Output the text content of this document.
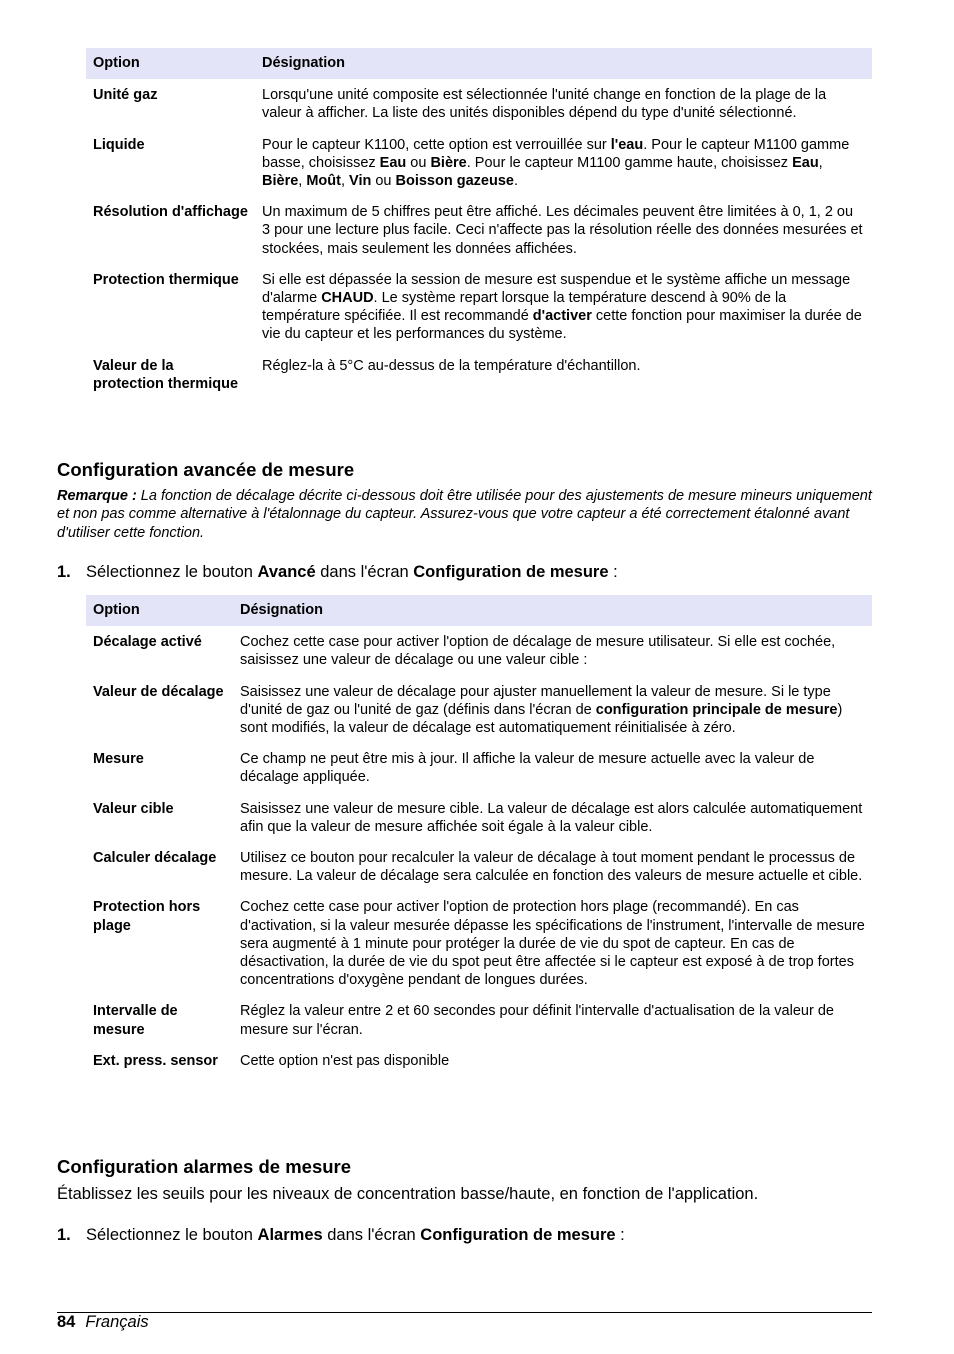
Option	Désignation
Unité gaz	Lorsqu'une unité composite est sélectionnée l'unité change en fonction de la plage de la valeur à afficher. La liste des unités disponibles dépend du type d'unité sélectionné.
Liquide	Pour le capteur K1100, cette option est verrouillée sur l'eau. Pour le capteur M1100 gamme basse, choisissez Eau ou Bière. Pour le capteur M1100 gamme haute, choisissez Eau, Bière, Moût, Vin ou Boisson gazeuse.
Résolution d'affichage	Un maximum de 5 chiffres peut être affiché. Les décimales peuvent être limitées à 0, 1, 2 ou 3 pour une lecture plus facile. Ceci n'affecte pas la résolution réelle des données mesurées et stockées, mais seulement les données affichées.
Protection thermique	Si elle est dépassée la session de mesure est suspendue et le système affiche un message d'alarme CHAUD. Le système repart lorsque la température descend à 90% de la température spécifiée. Il est recommandé d'activer cette fonction pour maximiser la durée de vie du capteur et les performances du système.
Valeur de la protection thermique	Réglez-la à 5°C au-dessus de la température d'échantillon.
Configuration avancée de mesure
Remarque : La fonction de décalage décrite ci-dessous doit être utilisée pour des ajustements de mesure mineurs uniquement et non pas comme alternative à l'étalonnage du capteur. Assurez-vous que votre capteur a été correctement étalonné avant d'utiliser cette fonction.
1. Sélectionnez le bouton Avancé dans l'écran Configuration de mesure :
Option	Désignation
Décalage activé	Cochez cette case pour activer l'option de décalage de mesure utilisateur. Si elle est cochée, saisissez une valeur de décalage ou une valeur cible :
Valeur de décalage	Saisissez une valeur de décalage pour ajuster manuellement la valeur de mesure. Si le type d'unité de gaz ou l'unité de gaz (définis dans l'écran de configuration principale de mesure) sont modifiés, la valeur de décalage est automatiquement réinitialisée à zéro.
Mesure	Ce champ ne peut être mis à jour. Il affiche la valeur de mesure actuelle avec la valeur de décalage appliquée.
Valeur cible	Saisissez une valeur de mesure cible. La valeur de décalage est alors calculée automatiquement afin que la valeur de mesure affichée soit égale à la valeur cible.
Calculer décalage	Utilisez ce bouton pour recalculer la valeur de décalage à tout moment pendant le processus de mesure. La valeur de décalage sera calculée en fonction des valeurs de mesure actuelle et cible.
Protection hors plage	Cochez cette case pour activer l'option de protection hors plage (recommandé). En cas d'activation, si la valeur mesurée dépasse les spécifications de l'instrument, l'intervalle de mesure sera augmenté à 1 minute pour protéger la durée de vie du spot de capteur. En cas de désactivation, la durée de vie du spot peut être affectée si le capteur est exposé à de trop fortes concentrations d'oxygène pendant de longues durées.
Intervalle de mesure	Réglez la valeur entre 2 et 60 secondes pour définit l'intervalle d'actualisation de la valeur de mesure sur l'écran.
Ext. press. sensor	Cette option n'est pas disponible
Configuration alarmes de mesure
Établissez les seuils pour les niveaux de concentration basse/haute, en fonction de l'application.
1. Sélectionnez le bouton Alarmes dans l'écran Configuration de mesure :
84 Français
